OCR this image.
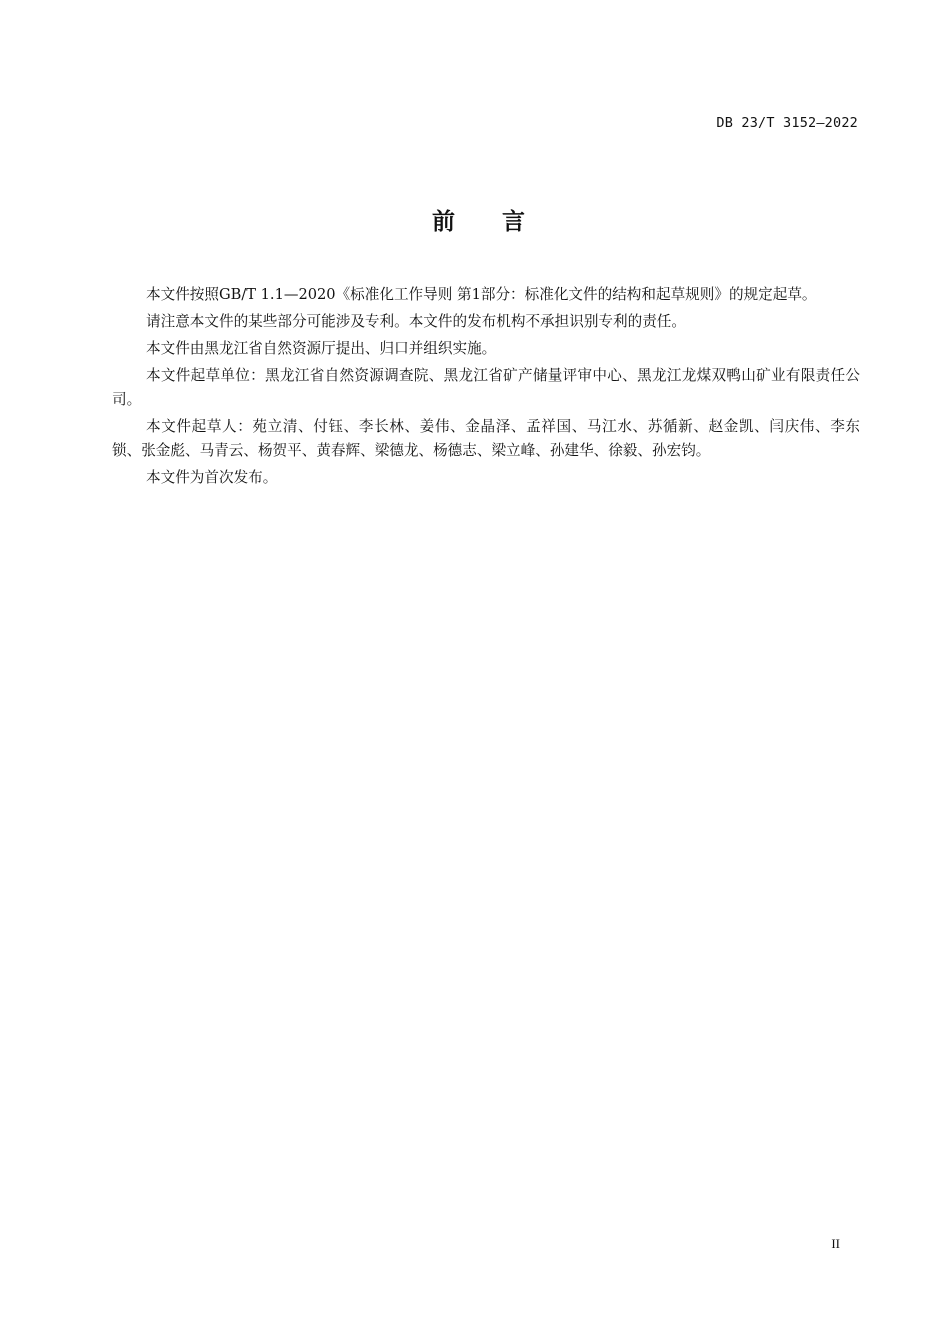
DB 23/T 3152—2022
前言

本文件按照GB/T 1.1—2020《标准化工作导则 第1部分：标准化文件的结构和起草规则》的规定起草。

请注意本文件的某些部分可能涉及专利。本文件的发布机构不承担识别专利的责任。

本文件由黑龙江省自然资源厅提出、归口并组织实施。

本文件起草单位：黑龙江省自然资源调查院、黑龙江省矿产储量评审中心、黑龙江龙煤双鸭山矿业有限责任公司。

本文件起草人：苑立清、付钰、李长林、姜伟、金晶泽、孟祥国、马江水、苏循新、赵金凯、闫庆伟、李东锁、张金彪、马青云、杨贺平、黄春辉、梁德龙、杨德志、梁立峰、孙建华、徐毅、孙宏钧。

本文件为首次发布。

II
